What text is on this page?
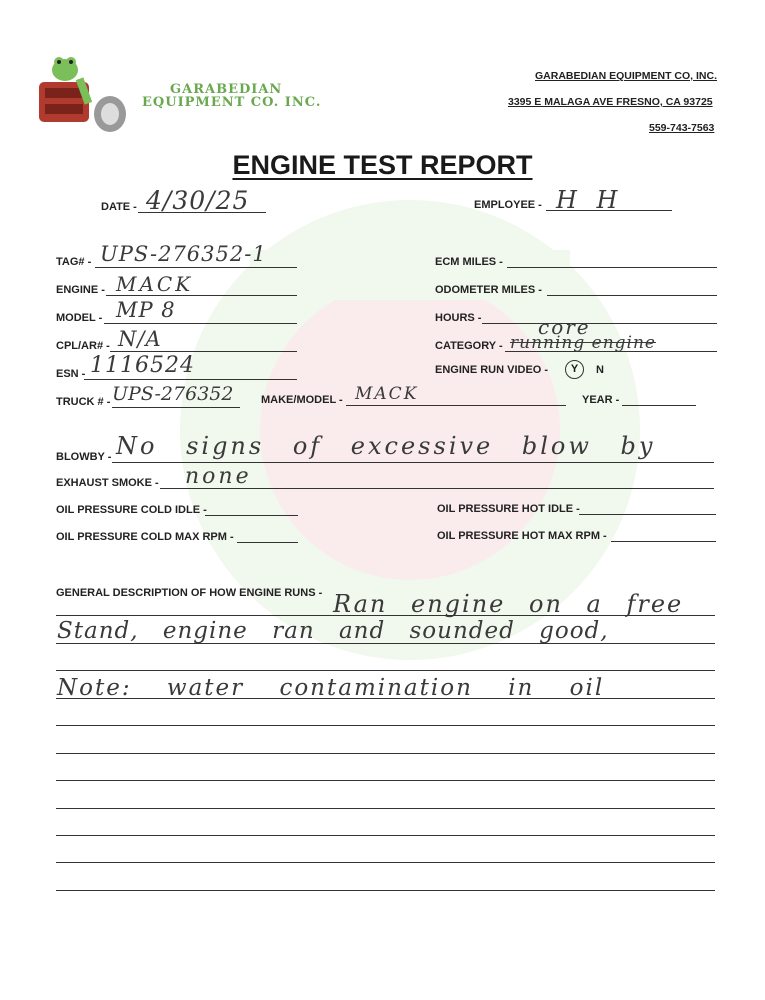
GARABEDIAN
EQUIPMENT CO. INC.
GARABEDIAN EQUIPMENT CO, INC.
3395 E MALAGA AVE FRESNO, CA 93725
559-743-7563
ENGINE TEST REPORT
DATE - 4/30/25	EMPLOYEE - H H
TAG# - UPS-276352-1
ENGINE - MACK
MODEL - MP 8
CPL/AR# - N/A
ESN - 1116524
TRUCK # - UPS-276352	MAKE/MODEL - MACK	YEAR -
ECM MILES -
ODOMETER MILES -
HOURS -
CATEGORY -
core
running engine
ENGINE RUN VIDEO -	Y	N
BLOWBY - No signs of excessive blow by
EXHAUST SMOKE - none
OIL PRESSURE COLD IDLE -
OIL PRESSURE COLD MAX RPM -
OIL PRESSURE HOT IDLE -
OIL PRESSURE HOT MAX RPM -
GENERAL DESCRIPTION OF HOW ENGINE RUNS - Ran engine on a free
Stand, engine ran and sounded good,
Note: water contamination in oil
